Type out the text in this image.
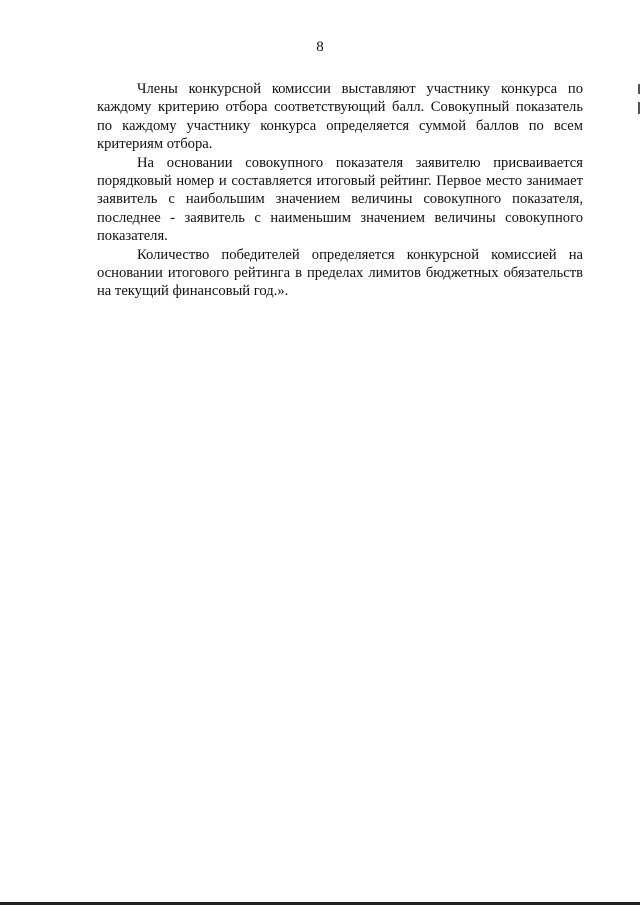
8

Члены конкурсной комиссии выставляют участнику конкурса по каждому критерию отбора соответствующий балл. Совокупный показатель по каждому участнику конкурса определяется суммой баллов по всем критериям отбора.

На основании совокупного показателя заявителю присваивается порядковый номер и составляется итоговый рейтинг. Первое место занимает заявитель с наибольшим значением величины совокупного показателя, последнее - заявитель с наименьшим значением величины совокупного показателя.

Количество победителей определяется конкурсной комиссией на основании итогового рейтинга в пределах лимитов бюджетных обязательств на текущий финансовый год.».
